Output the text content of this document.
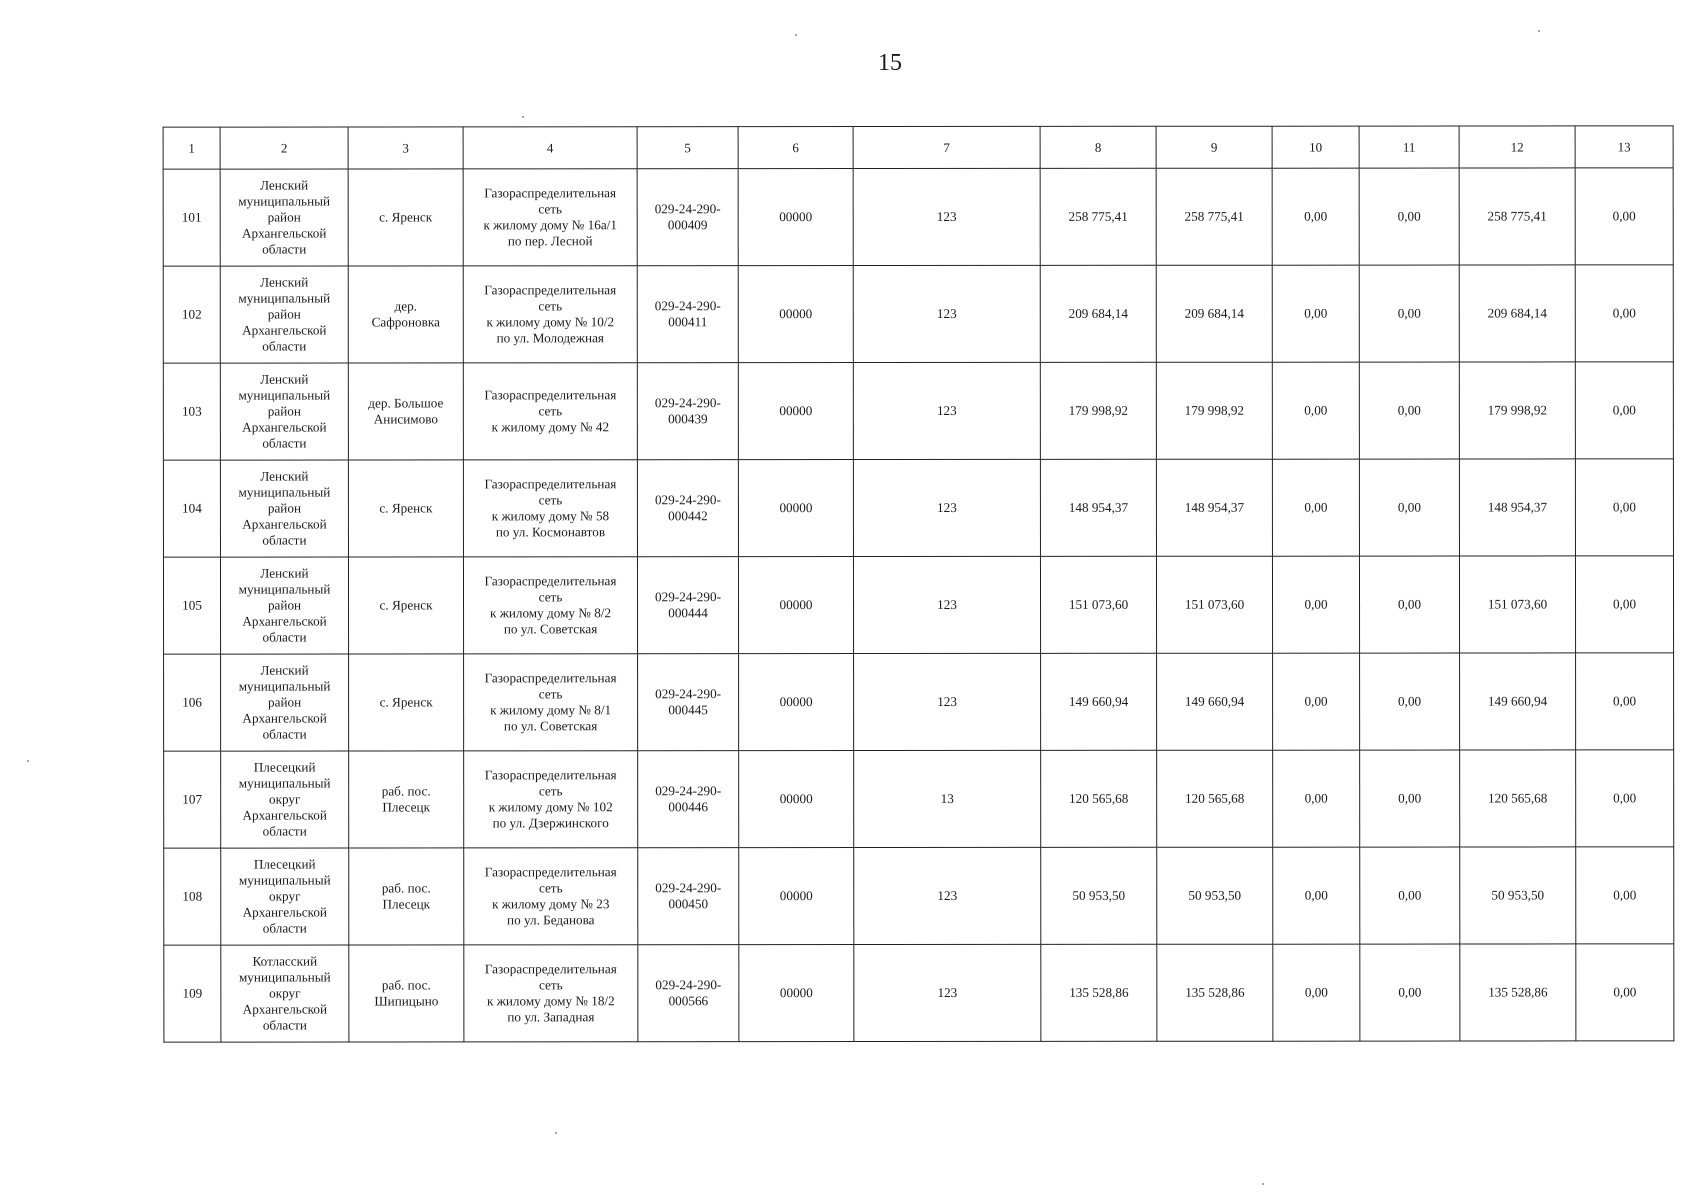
15
1	2	3	4	5	6	7	8	9	10	11	12	13
101	Ленский
муниципальный
район
Архангельской
области	с. Яренск	Газораспределительная
сеть
к жилому дому № 16а/1
по пер. Лесной	029-24-290-
000409	00000	123	258 775,41	258 775,41	0,00	0,00	258 775,41	0,00
102	Ленский
муниципальный
район
Архангельской
области	дер.
Сафроновка	Газораспределительная
сеть
к жилому дому № 10/2
по ул. Молодежная	029-24-290-
000411	00000	123	209 684,14	209 684,14	0,00	0,00	209 684,14	0,00
103	Ленский
муниципальный
район
Архангельской
области	дер. Большое
Анисимово	Газораспределительная
сеть
к жилому дому № 42	029-24-290-
000439	00000	123	179 998,92	179 998,92	0,00	0,00	179 998,92	0,00
104	Ленский
муниципальный
район
Архангельской
области	с. Яренск	Газораспределительная
сеть
к жилому дому № 58
по ул. Космонавтов	029-24-290-
000442	00000	123	148 954,37	148 954,37	0,00	0,00	148 954,37	0,00
105	Ленский
муниципальный
район
Архангельской
области	с. Яренск	Газораспределительная
сеть
к жилому дому № 8/2
по ул. Советская	029-24-290-
000444	00000	123	151 073,60	151 073,60	0,00	0,00	151 073,60	0,00
106	Ленский
муниципальный
район
Архангельской
области	с. Яренск	Газораспределительная
сеть
к жилому дому № 8/1
по ул. Советская	029-24-290-
000445	00000	123	149 660,94	149 660,94	0,00	0,00	149 660,94	0,00
107	Плесецкий
муниципальный
округ
Архангельской
области	раб. пос.
Плесецк	Газораспределительная
сеть
к жилому дому № 102
по ул. Дзержинского	029-24-290-
000446	00000	13	120 565,68	120 565,68	0,00	0,00	120 565,68	0,00
108	Плесецкий
муниципальный
округ
Архангельской
области	раб. пос.
Плесецк	Газораспределительная
сеть
к жилому дому № 23
по ул. Беданова	029-24-290-
000450	00000	123	50 953,50	50 953,50	0,00	0,00	50 953,50	0,00
109	Котласский
муниципальный
округ
Архангельской
области	раб. пос.
Шипицыно	Газораспределительная
сеть
к жилому дому № 18/2
по ул. Западная	029-24-290-
000566	00000	123	135 528,86	135 528,86	0,00	0,00	135 528,86	0,00
